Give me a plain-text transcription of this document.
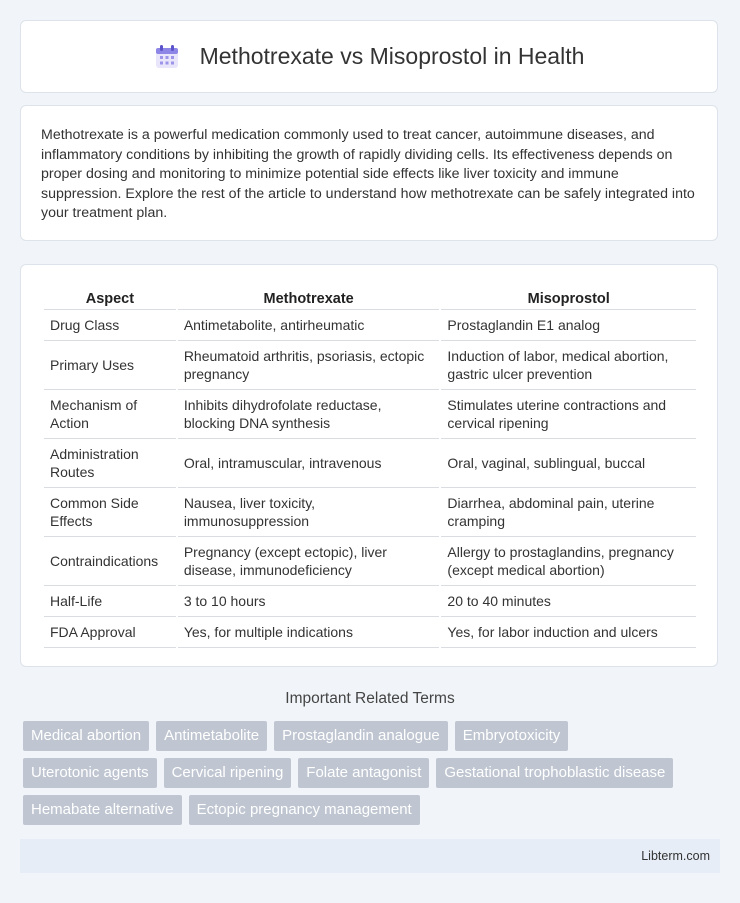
Methotrexate vs Misoprostol in Health

Methotrexate is a powerful medication commonly used to treat cancer, autoimmune diseases, and inflammatory conditions by inhibiting the growth of rapidly dividing cells. Its effectiveness depends on proper dosing and monitoring to minimize potential side effects like liver toxicity and immune suppression. Explore the rest of the article to understand how methotrexate can be safely integrated into your treatment plan.

Aspect	Methotrexate	Misoprostol
Drug Class	Antimetabolite, antirheumatic	Prostaglandin E1 analog
Primary Uses	Rheumatoid arthritis, psoriasis, ectopic pregnancy	Induction of labor, medical abortion, gastric ulcer prevention
Mechanism of Action	Inhibits dihydrofolate reductase, blocking DNA synthesis	Stimulates uterine contractions and cervical ripening
Administration Routes	Oral, intramuscular, intravenous	Oral, vaginal, sublingual, buccal
Common Side Effects	Nausea, liver toxicity, immunosuppression	Diarrhea, abdominal pain, uterine cramping
Contraindications	Pregnancy (except ectopic), liver disease, immunodeficiency	Allergy to prostaglandins, pregnancy (except medical abortion)
Half-Life	3 to 10 hours	20 to 40 minutes
FDA Approval	Yes, for multiple indications	Yes, for labor induction and ulcers
Important Related Terms
Medical abortion	Antimetabolite	Prostaglandin analogue	Embryotoxicity
Uterotonic agents	Cervical ripening	Folate antagonist	Gestational trophoblastic disease
Hemabate alternative	Ectopic pregnancy management
Libterm.com
